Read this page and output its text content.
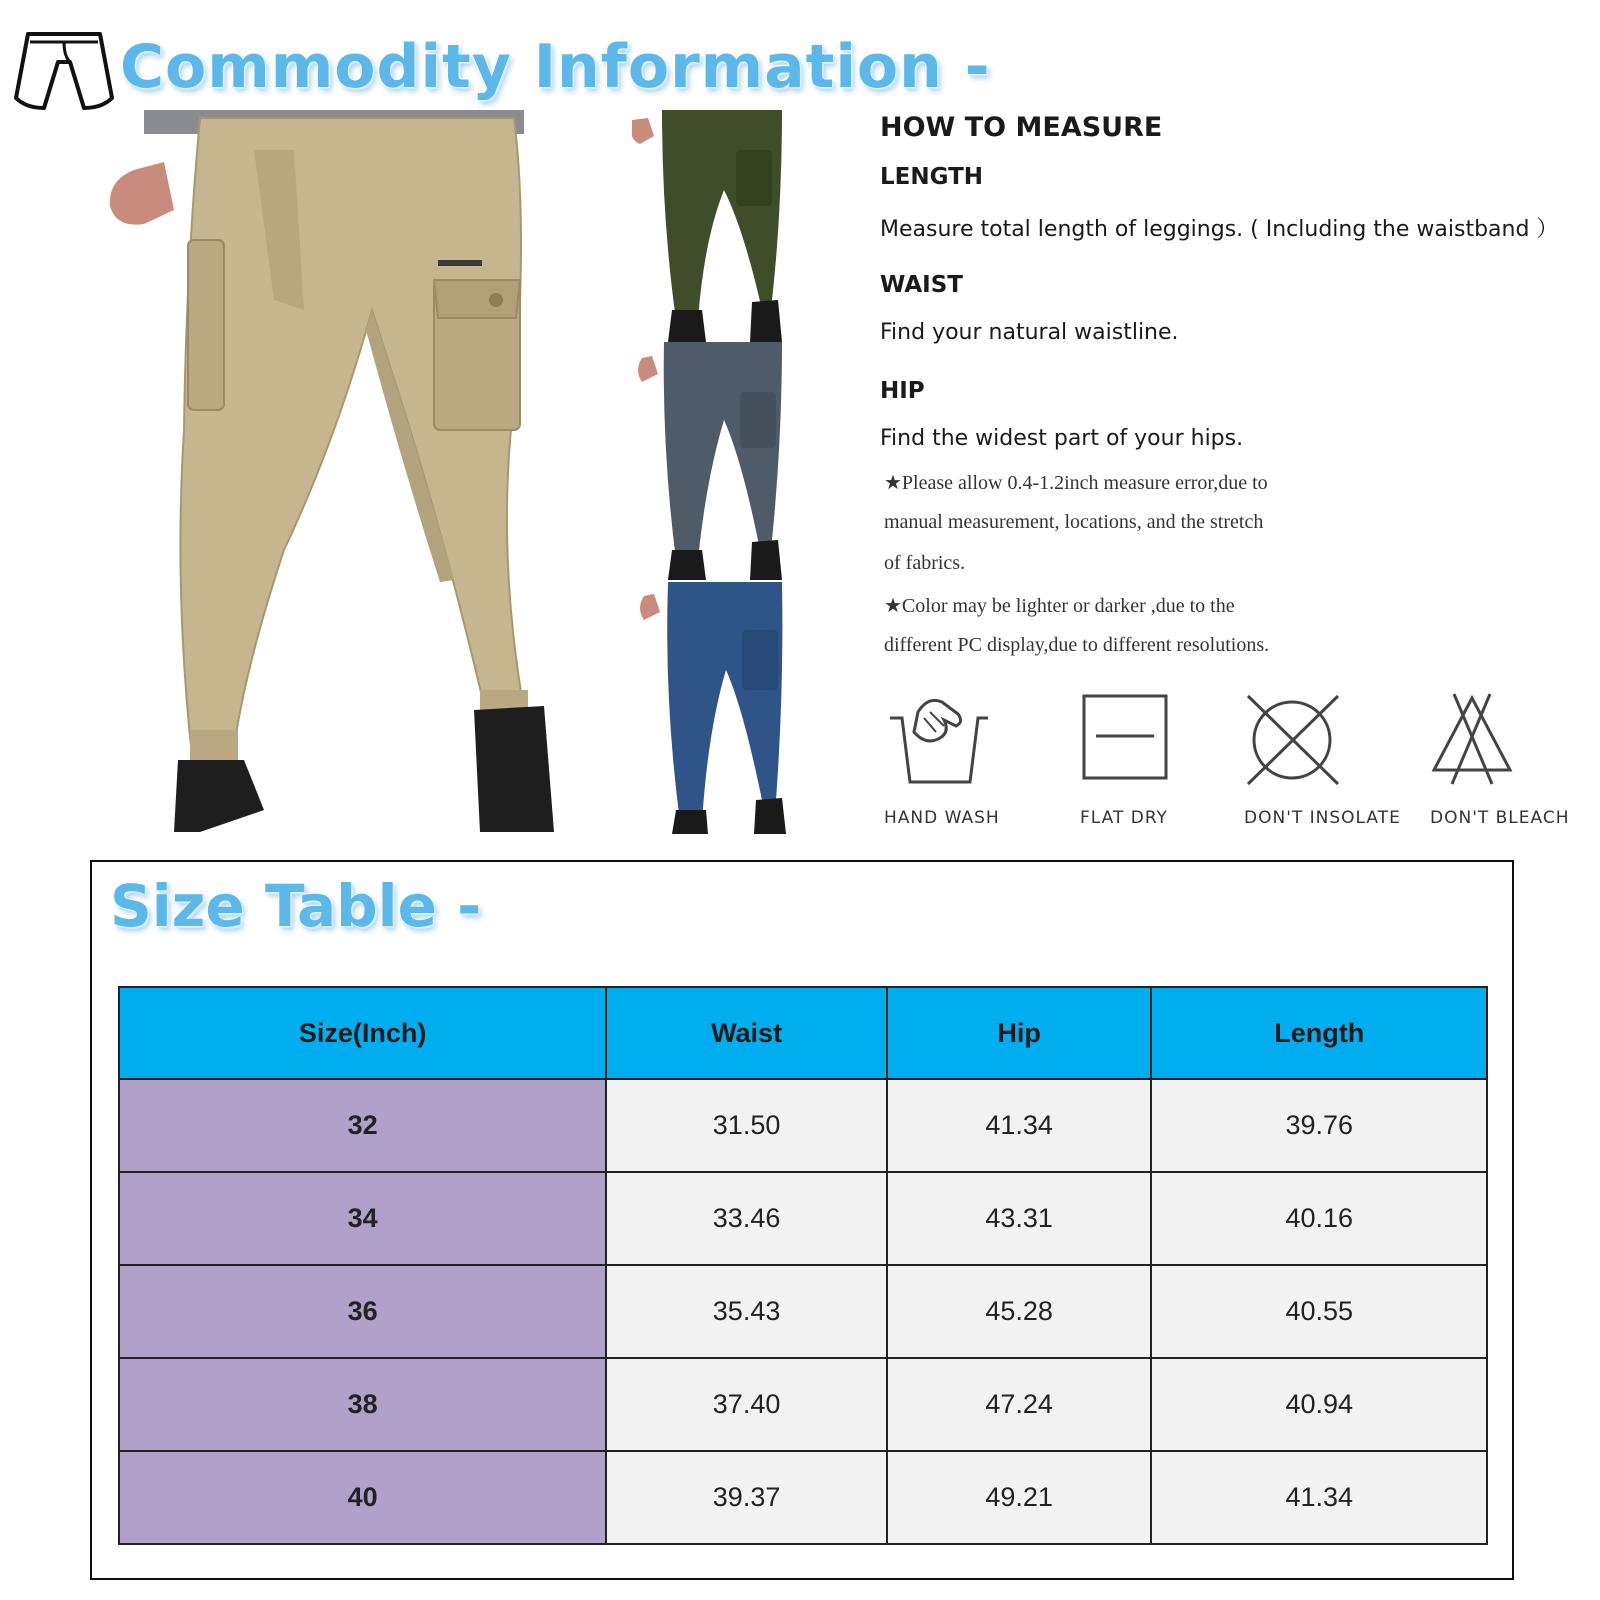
Commodity Information -
HOW TO MEASURE
LENGTH
Measure total length of leggings. ( Including the waistband ）
WAIST
Find your natural waistline.
HIP
Find the widest part of your hips.
★Please allow 0.4-1.2inch measure error,due to
manual measurement, locations, and the stretch
of fabrics.
★Color may be lighter or darker ,due to the
different PC display,due to different resolutions.
HAND WASH	FLAT DRY	DON'T INSOLATE	DON'T BLEACH
Size Table -
Size(Inch)	Waist	Hip	Length
32	31.50	41.34	39.76
34	33.46	43.31	40.16
36	35.43	45.28	40.55
38	37.40	47.24	40.94
40	39.37	49.21	41.34
